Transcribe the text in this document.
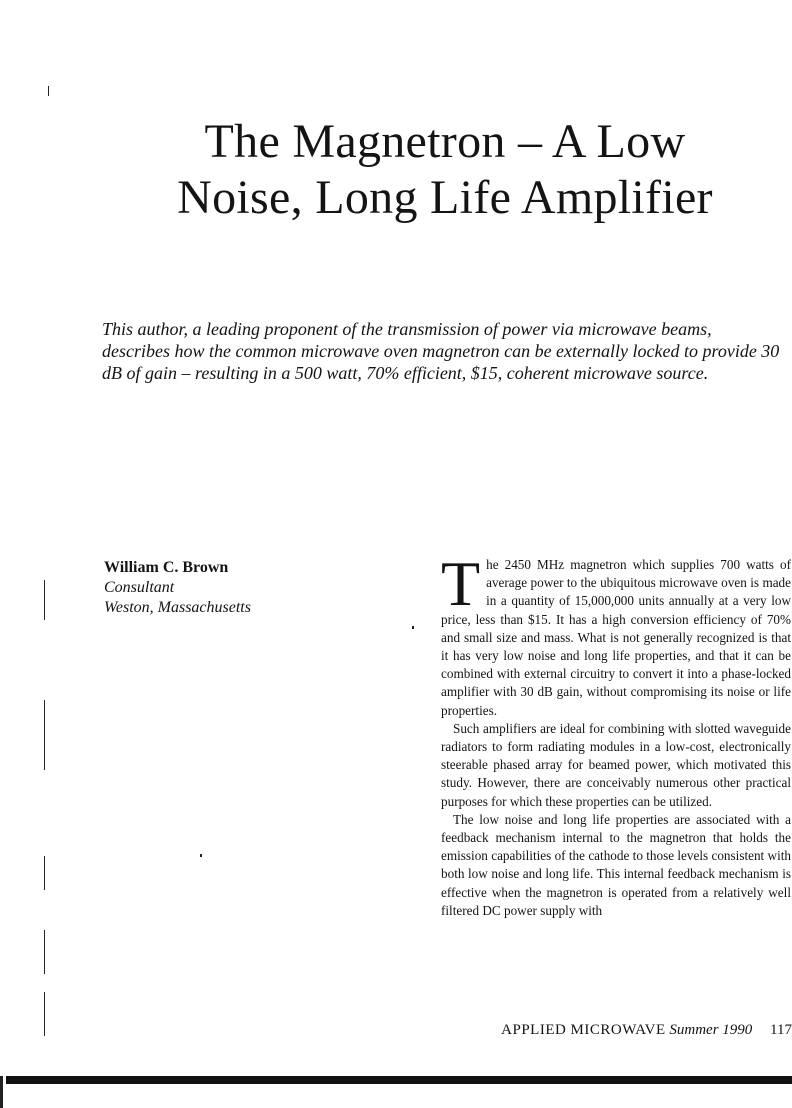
The Magnetron – A Low
Noise, Long Life Amplifier

This author, a leading proponent of the transmission of power via microwave beams, describes how the common microwave oven magnetron can be externally locked to provide 30 dB of gain – resulting in a 500 watt, 70% efficient, $15, coherent microwave source.

William C. Brown
Consultant
Weston, Massachusetts	The 2450 MHz magnetron which supplies 700 watts of average power to the ubiquitous microwave oven is made in a quantity of 15,000,000 units annually at a very low price, less than $15. It has a high conversion efficiency of 70% and small size and mass. What is not generally recognized is that it has very low noise and long life properties, and that it can be combined with external circuitry to convert it into a phase-locked amplifier with 30 dB gain, without compromising its noise or life properties.

Such amplifiers are ideal for combining with slotted waveguide radiators to form radiating modules in a low-cost, electronically steerable phased array for beamed power, which motivated this study. However, there are conceivably numerous other practical purposes for which these properties can be utilized.

The low noise and long life properties are associated with a feedback mechanism internal to the magnetron that holds the emission capabilities of the cathode to those levels consistent with both low noise and long life. This internal feedback mechanism is effective when the magnetron is operated from a relatively well filtered DC power supply with

APPLIED MICROWAVE Summer 1990 117
